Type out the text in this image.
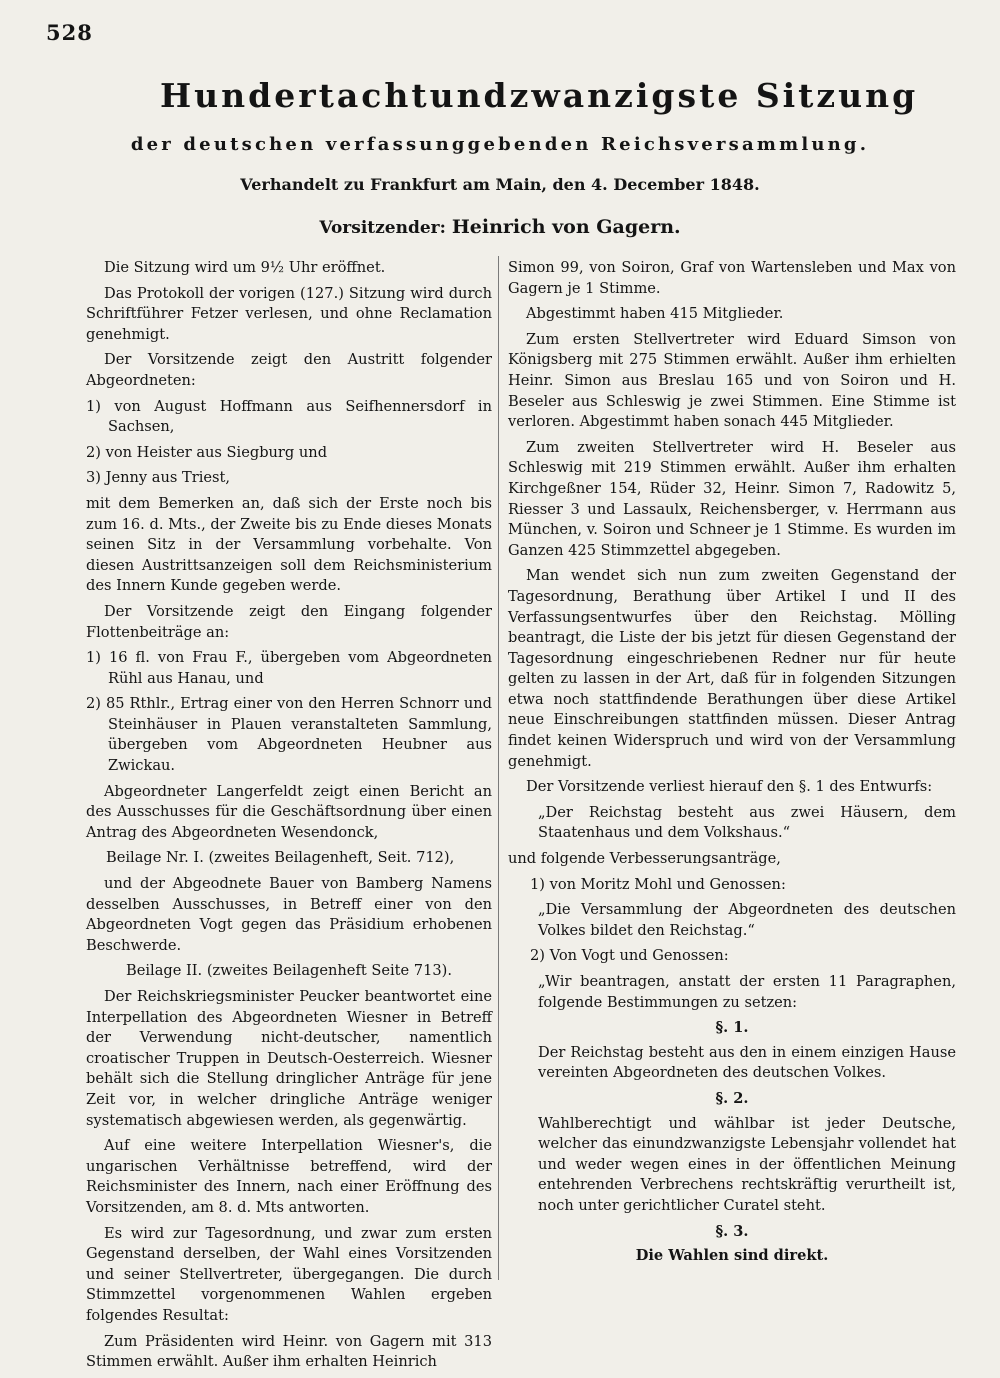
528
Hundertachtundzwanzigste Sitzung
der deutschen verfassunggebenden Reichsversammlung.
Verhandelt zu Frankfurt am Main, den 4. December 1848.
Vorsitzender: Heinrich von Gagern.

Die Sitzung wird um 9½ Uhr eröffnet.

Das Protokoll der vorigen (127.) Sitzung wird durch Schriftführer Fetzer verlesen, und ohne Reclamation genehmigt.

Der Vorsitzende zeigt den Austritt folgender Abgeordneten:

1) von August Hoffmann aus Seifhennersdorf in Sachsen,

2) von Heister aus Siegburg und

3) Jenny aus Triest,

mit dem Bemerken an, daß sich der Erste noch bis zum 16. d. Mts., der Zweite bis zu Ende dieses Monats seinen Sitz in der Versammlung vorbehalte. Von diesen Austrittsanzeigen soll dem Reichsministerium des Innern Kunde gegeben werde.

Der Vorsitzende zeigt den Eingang folgender Flottenbeiträge an:

1) 16 fl. von Frau F., übergeben vom Abgeordneten Rühl aus Hanau, und

2) 85 Rthlr., Ertrag einer von den Herren Schnorr und Steinhäuser in Plauen veranstalteten Sammlung, übergeben vom Abgeordneten Heubner aus Zwickau.

Abgeordneter Langerfeldt zeigt einen Bericht an des Ausschusses für die Geschäftsordnung über einen Antrag des Abgeordneten Wesendonck,

Beilage Nr. I. (zweites Beilagenheft, Seit. 712),

und der Abgeodnete Bauer von Bamberg Namens desselben Ausschusses, in Betreff einer von den Abgeordneten Vogt gegen das Präsidium erhobenen Beschwerde.

Beilage II. (zweites Beilagenheft Seite 713).

Der Reichskriegsminister Peucker beantwortet eine Interpellation des Abgeordneten Wiesner in Betreff der Verwendung nicht-deutscher, namentlich croatischer Truppen in Deutsch-Oesterreich. Wiesner behält sich die Stellung dringlicher Anträge für jene Zeit vor, in welcher dringliche Anträge weniger systematisch abgewiesen werden, als gegenwärtig.

Auf eine weitere Interpellation Wiesner's, die ungarischen Verhältnisse betreffend, wird der Reichsminister des Innern, nach einer Eröffnung des Vorsitzenden, am 8. d. Mts antworten.

Es wird zur Tagesordnung, und zwar zum ersten Gegenstand derselben, der Wahl eines Vorsitzenden und seiner Stellvertreter, übergegangen. Die durch Stimmzettel vorgenommenen Wahlen ergeben folgendes Resultat:

Zum Präsidenten wird Heinr. von Gagern mit 313 Stimmen erwählt. Außer ihm erhalten Heinrich

Simon 99, von Soiron, Graf von Wartensleben und Max von Gagern je 1 Stimme.

Abgestimmt haben 415 Mitglieder.

Zum ersten Stellvertreter wird Eduard Simson von Königsberg mit 275 Stimmen erwählt. Außer ihm erhielten Heinr. Simon aus Breslau 165 und von Soiron und H. Beseler aus Schleswig je zwei Stimmen. Eine Stimme ist verloren. Abgestimmt haben sonach 445 Mitglieder.

Zum zweiten Stellvertreter wird H. Beseler aus Schleswig mit 219 Stimmen erwählt. Außer ihm erhalten Kirchgeßner 154, Rüder 32, Heinr. Simon 7, Radowitz 5, Riesser 3 und Lassaulx, Reichensberger, v. Herrmann aus München, v. Soiron und Schneer je 1 Stimme. Es wurden im Ganzen 425 Stimmzettel abgegeben.

Man wendet sich nun zum zweiten Gegenstand der Tagesordnung, Berathung über Artikel I und II des Verfassungsentwurfes über den Reichstag. Mölling beantragt, die Liste der bis jetzt für diesen Gegenstand der Tagesordnung eingeschriebenen Redner nur für heute gelten zu lassen in der Art, daß für in folgenden Sitzungen etwa noch stattfindende Berathungen über diese Artikel neue Einschreibungen stattfinden müssen. Dieser Antrag findet keinen Widerspruch und wird von der Versammlung genehmigt.

Der Vorsitzende verliest hierauf den §. 1 des Entwurfs:

„Der Reichstag besteht aus zwei Häusern, dem Staatenhaus und dem Volkshaus.“

und folgende Verbesserungsanträge,

1) von Moritz Mohl und Genossen:

„Die Versammlung der Abgeordneten des deutschen Volkes bildet den Reichstag.“

2) Von Vogt und Genossen:

„Wir beantragen, anstatt der ersten 11 Paragraphen, folgende Bestimmungen zu setzen:

§. 1.

Der Reichstag besteht aus den in einem einzigen Hause vereinten Abgeordneten des deutschen Volkes.

§. 2.

Wahlberechtigt und wählbar ist jeder Deutsche, welcher das einundzwanzigste Lebensjahr vollendet hat und weder wegen eines in der öffentlichen Meinung entehrenden Verbrechens rechtskräftig verurtheilt ist, noch unter gerichtlicher Curatel steht.

§. 3.

Die Wahlen sind direkt.
